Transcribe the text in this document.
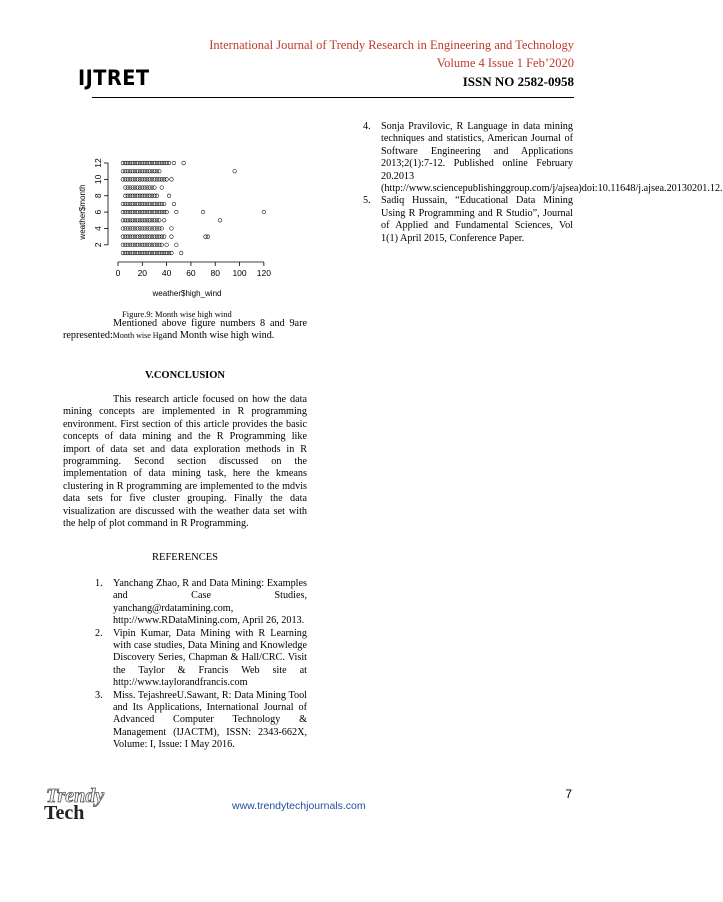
International Journal of Trendy Research in Engineering and Technology
Volume 4 Issue 1 Feb’2020
ISSN NO 2582-0958
IJTRET
0 20 40 60 80 100 120
2
4
6
8
10
12
weather$high_wind
weather$month
Figure.9: Month wise high wind
Mentioned above figure numbers 8 and 9are represented:Month wise Hgand Month wise high wind.
V.CONCLUSION
This research article focused on how the data mining concepts are implemented in R programming environment. First section of this article provides the basic concepts of data mining and the R Programming like import of data set and data exploration methods in R programming. Second section discussed on the implementation of data mining task, here the kmeans clustering in R programming are implemented to the mdvis data sets for five cluster grouping. Finally the data visualization are discussed with the weather data set with the help of plot command in R Programming.
REFERENCES
1.	Yanchang Zhao, R and Data Mining: Examples and Case Studies, yanchang@rdatamining.com, http://www.RDataMining.com, April 26, 2013.
2.	Vipin Kumar, Data Mining with R Learning with case studies, Data Mining and Knowledge Discovery Series, Chapman & Hall/CRC. Visit the Taylor & Francis Web site at http://www.taylorandfrancis.com
3.	Miss. TejashreeU.Sawant, R: Data Mining Tool and Its Applications, International Journal of Advanced Computer Technology & Management (IJACTM), ISSN: 2343-662X, Volume: I, Issue: I May 2016.
4.	Sonja Pravilovic, R Language in data mining techniques and statistics, American Journal of Software Engineering and Applications 2013;2(1):7-12. Published online February 20.2013 (http://www.sciencepublishinggroup.com/j/ajsea)doi:10.11648/j.ajsea.20130201.12.
5.	Sadiq Hussain, “Educational Data Mining Using R Programming and R Studio”, Journal of Applied and Fundamental Sciences, Vol 1(1) April 2015, Conference Paper.
Trendy
Tech
7
www.trendytechjournals.com
